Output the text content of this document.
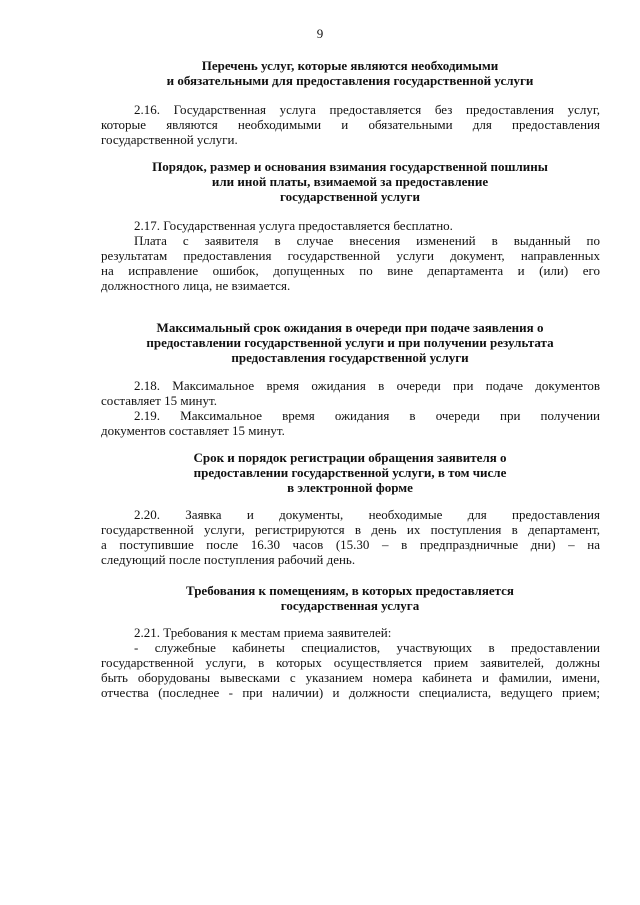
9
Перечень услуг, которые являются необходимыми
и обязательными для предоставления государственной услуги
2.16. Государственная услуга предоставляется без предоставления услуг,
которые являются необходимыми и обязательными для предоставления
государственной услуги.
Порядок, размер и основания взимания государственной пошлины
или иной платы, взимаемой за предоставление
государственной услуги
2.17. Государственная услуга предоставляется бесплатно.
Плата с заявителя в случае внесения изменений в выданный по
результатам предоставления государственной услуги документ, направленных
на исправление ошибок, допущенных по вине департамента и (или) его
должностного лица, не взимается.
Максимальный срок ожидания в очереди при подаче заявления о
предоставлении государственной услуги и при получении результата
предоставления государственной услуги
2.18. Максимальное время ожидания в очереди при подаче документов
составляет 15 минут.
2.19. Максимальное время ожидания в очереди при получении
документов составляет 15 минут.
Срок и порядок регистрации обращения заявителя о
предоставлении государственной услуги, в том числе
в электронной форме
2.20. Заявка и документы, необходимые для предоставления
государственной услуги, регистрируются в день их поступления в департамент,
а поступившие после 16.30 часов (15.30 – в предпраздничные дни) – на
следующий после поступления рабочий день.
Требования к помещениям, в которых предоставляется
государственная услуга
2.21. Требования к местам приема заявителей:
- служебные кабинеты специалистов, участвующих в предоставлении
государственной услуги, в которых осуществляется прием заявителей, должны
быть оборудованы вывесками с указанием номера кабинета и фамилии, имени,
отчества (последнее - при наличии) и должности специалиста, ведущего прием;
